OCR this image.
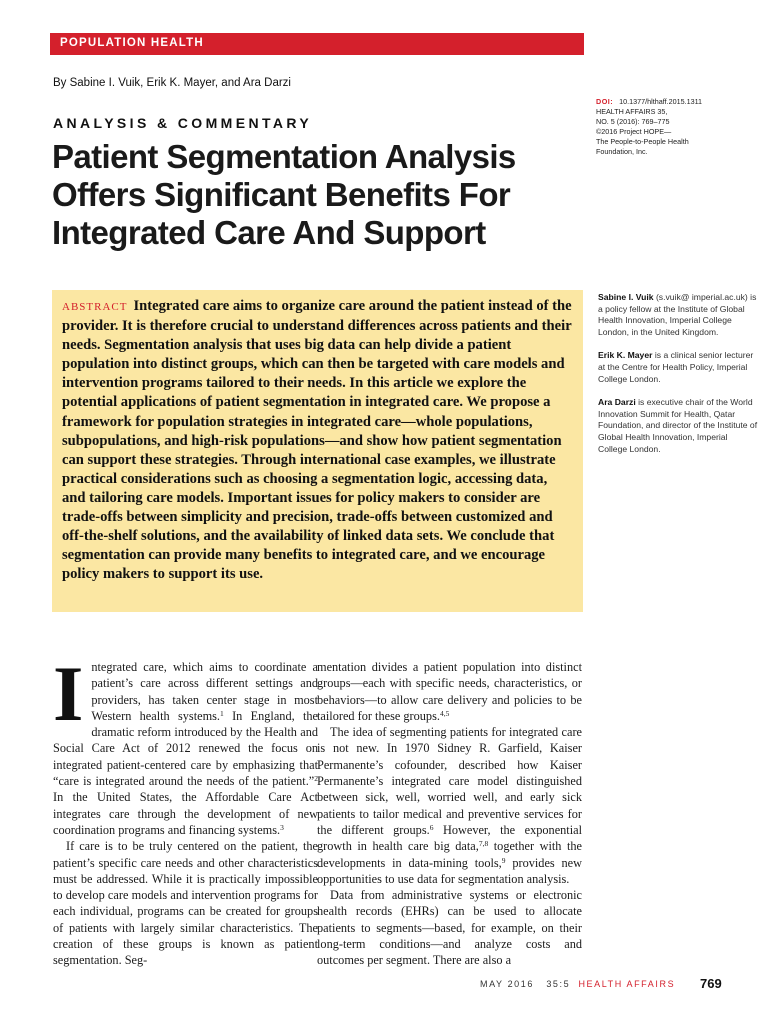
POPULATION HEALTH
By Sabine I. Vuik, Erik K. Mayer, and Ara Darzi
ANALYSIS & COMMENTARY
Patient Segmentation Analysis Offers Significant Benefits For Integrated Care And Support
DOI: 10.1377/hlthaff.2015.1311
HEALTH AFFAIRS 35,
NO. 5 (2016): 769–775
©2016 Project HOPE—
The People-to-People Health
Foundation, Inc.
ABSTRACT Integrated care aims to organize care around the patient instead of the provider. It is therefore crucial to understand differences across patients and their needs. Segmentation analysis that uses big data can help divide a patient population into distinct groups, which can then be targeted with care models and intervention programs tailored to their needs. In this article we explore the potential applications of patient segmentation in integrated care. We propose a framework for population strategies in integrated care—whole populations, subpopulations, and high-risk populations—and show how patient segmentation can support these strategies. Through international case examples, we illustrate practical considerations such as choosing a segmentation logic, accessing data, and tailoring care models. Important issues for policy makers to consider are trade-offs between simplicity and precision, trade-offs between customized and off-the-shelf solutions, and the availability of linked data sets. We conclude that segmentation can provide many benefits to integrated care, and we encourage policy makers to support its use.
Sabine I. Vuik (s.vuik@ imperial.ac.uk) is a policy fellow at the Institute of Global Health Innovation, Imperial College London, in the United Kingdom.
Erik K. Mayer is a clinical senior lecturer at the Centre for Health Policy, Imperial College London.
Ara Darzi is executive chair of the World Innovation Summit for Health, Qatar Foundation, and director of the Institute of Global Health Innovation, Imperial College London.

Integrated care, which aims to coordinate a patient’s care across different settings and providers, has taken center stage in most Western health systems.$^1$ In England, the dramatic reform introduced by the Health and Social Care Act of 2012 renewed the focus on integrated patient-centered care by emphasizing that “care is integrated around the needs of the patient.”$^2$ In the United States, the Affordable Care Act integrates care through the development of new coordination programs and financing systems.$^3$

If care is to be truly centered on the patient, the patient’s specific care needs and other characteristics must be addressed. While it is practically impossible to develop care models and intervention programs for each individual, programs can be created for groups of patients with largely similar characteristics. The creation of these groups is known as patient segmentation. Seg-

mentation divides a patient population into distinct groups—each with specific needs, characteristics, or behaviors—to allow care delivery and policies to be tailored for these groups.$^{4,5}$

The idea of segmenting patients for integrated care is not new. In 1970 Sidney R. Garfield, Kaiser Permanente’s cofounder, described how Kaiser Permanente’s integrated care model distinguished between sick, well, worried well, and early sick patients to tailor medical and preventive services for the different groups.$^6$ However, the exponential growth in health care big data,$^{7,8}$ together with the developments in data-mining tools,$^9$ provides new opportunities to use data for segmentation analysis.

Data from administrative systems or electronic health records (EHRs) can be used to allocate patients to segments—based, for example, on their long-term conditions—and analyze costs and outcomes per segment. There are also a

MAY 2016 35:5 HEALTH AFFAIRS	769
